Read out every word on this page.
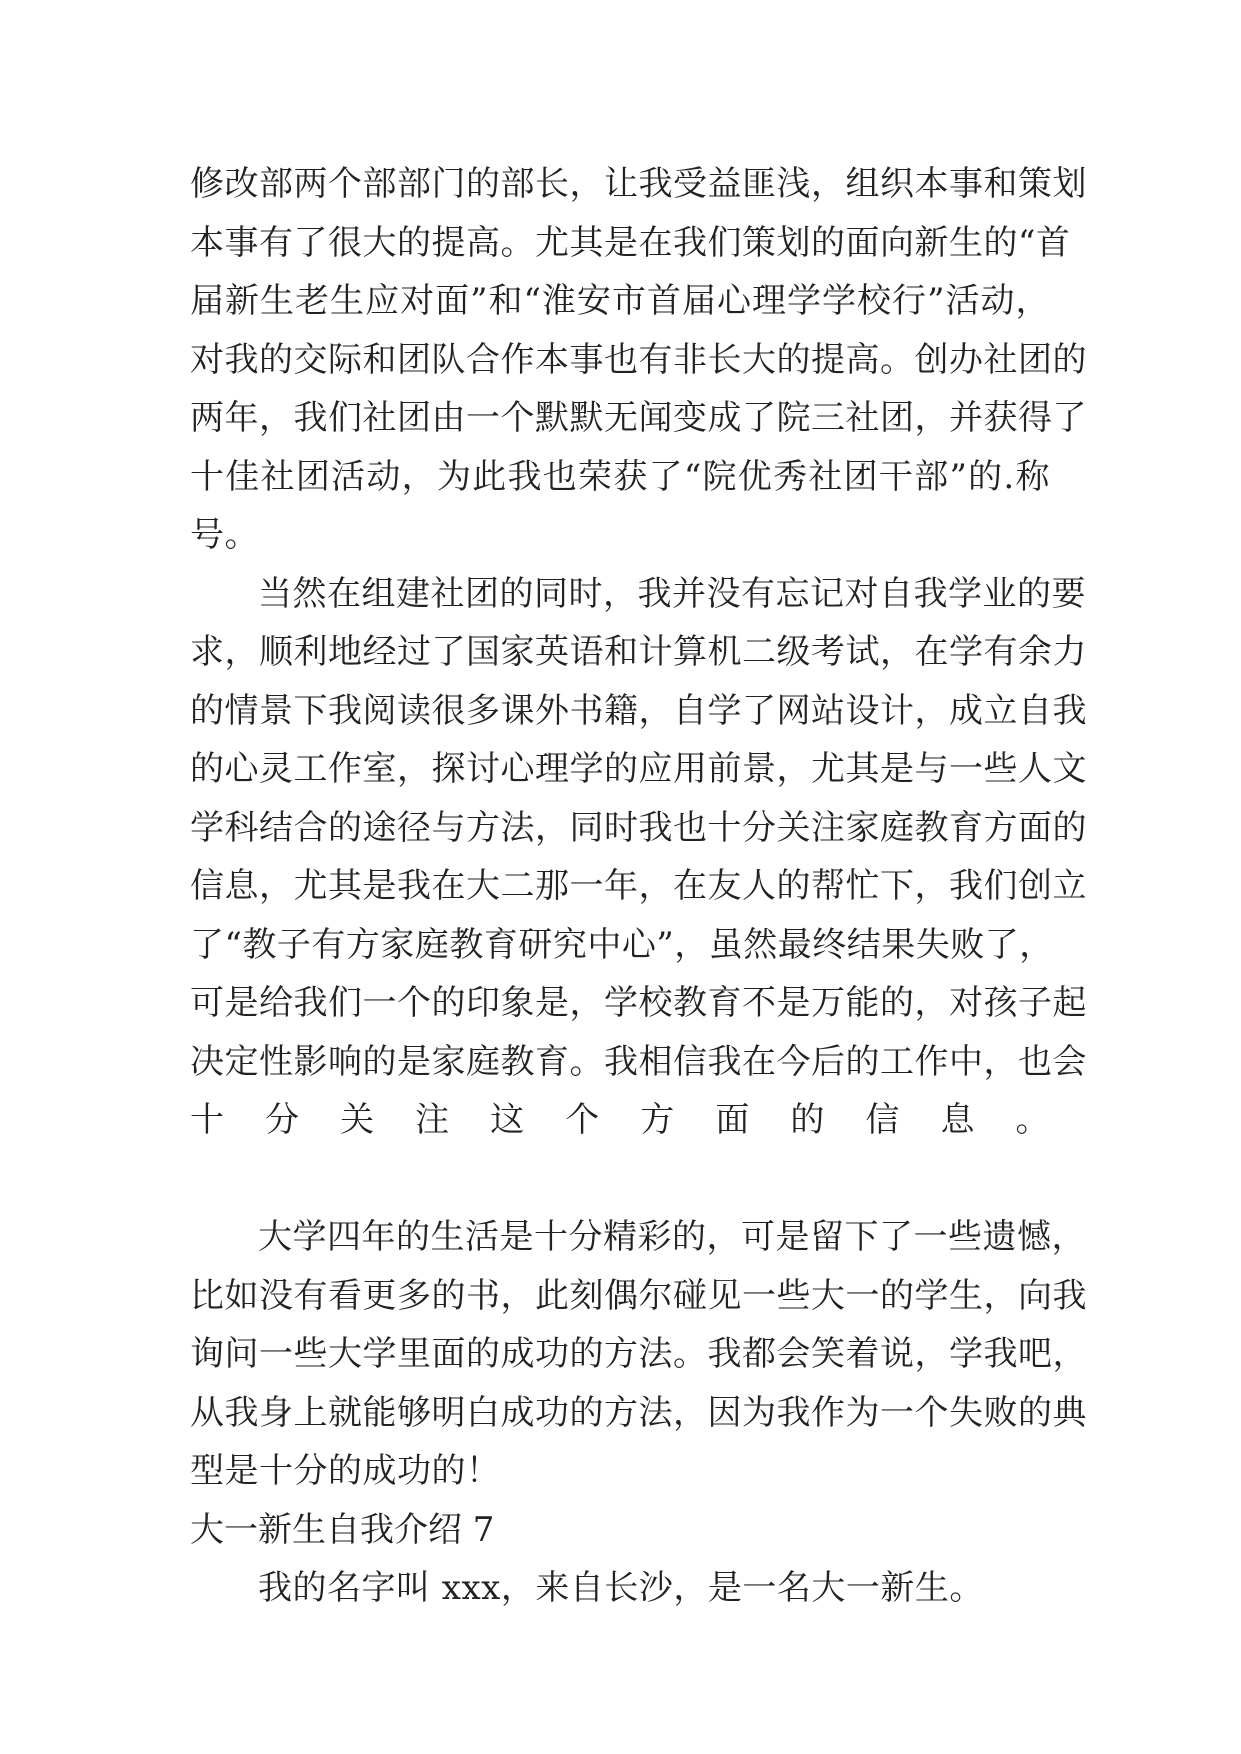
修改部两个部部门的部长，让我受益匪浅，组织本事和策划
本事有了很大的提高。尤其是在我们策划的面向新生的“首
届新生老生应对面”和“淮安市首届心理学学校行”活动，
对我的交际和团队合作本事也有非长大的提高。创办社团的
两年，我们社团由一个默默无闻变成了院三社团，并获得了
十佳社团活动，为此我也荣获了“院优秀社团干部”的.称
号。
当然在组建社团的同时，我并没有忘记对自我学业的要
求，顺利地经过了国家英语和计算机二级考试，在学有余力
的情景下我阅读很多课外书籍，自学了网站设计，成立自我
的心灵工作室，探讨心理学的应用前景，尤其是与一些人文
学科结合的途径与方法，同时我也十分关注家庭教育方面的
信息，尤其是我在大二那一年，在友人的帮忙下，我们创立
了“教子有方家庭教育研究中心”，虽然最终结果失败了，
可是给我们一个的印象是，学校教育不是万能的，对孩子起
决定性影响的是家庭教育。我相信我在今后的工作中，也会
十分关注这个方面的信息。
大学四年的生活是十分精彩的，可是留下了一些遗憾，
比如没有看更多的书，此刻偶尔碰见一些大一的学生，向我
询问一些大学里面的成功的方法。我都会笑着说，学我吧，
从我身上就能够明白成功的方法，因为我作为一个失败的典
型是十分的成功的！
大一新生自我介绍 7
我的名字叫 xxx，来自长沙，是一名大一新生。
